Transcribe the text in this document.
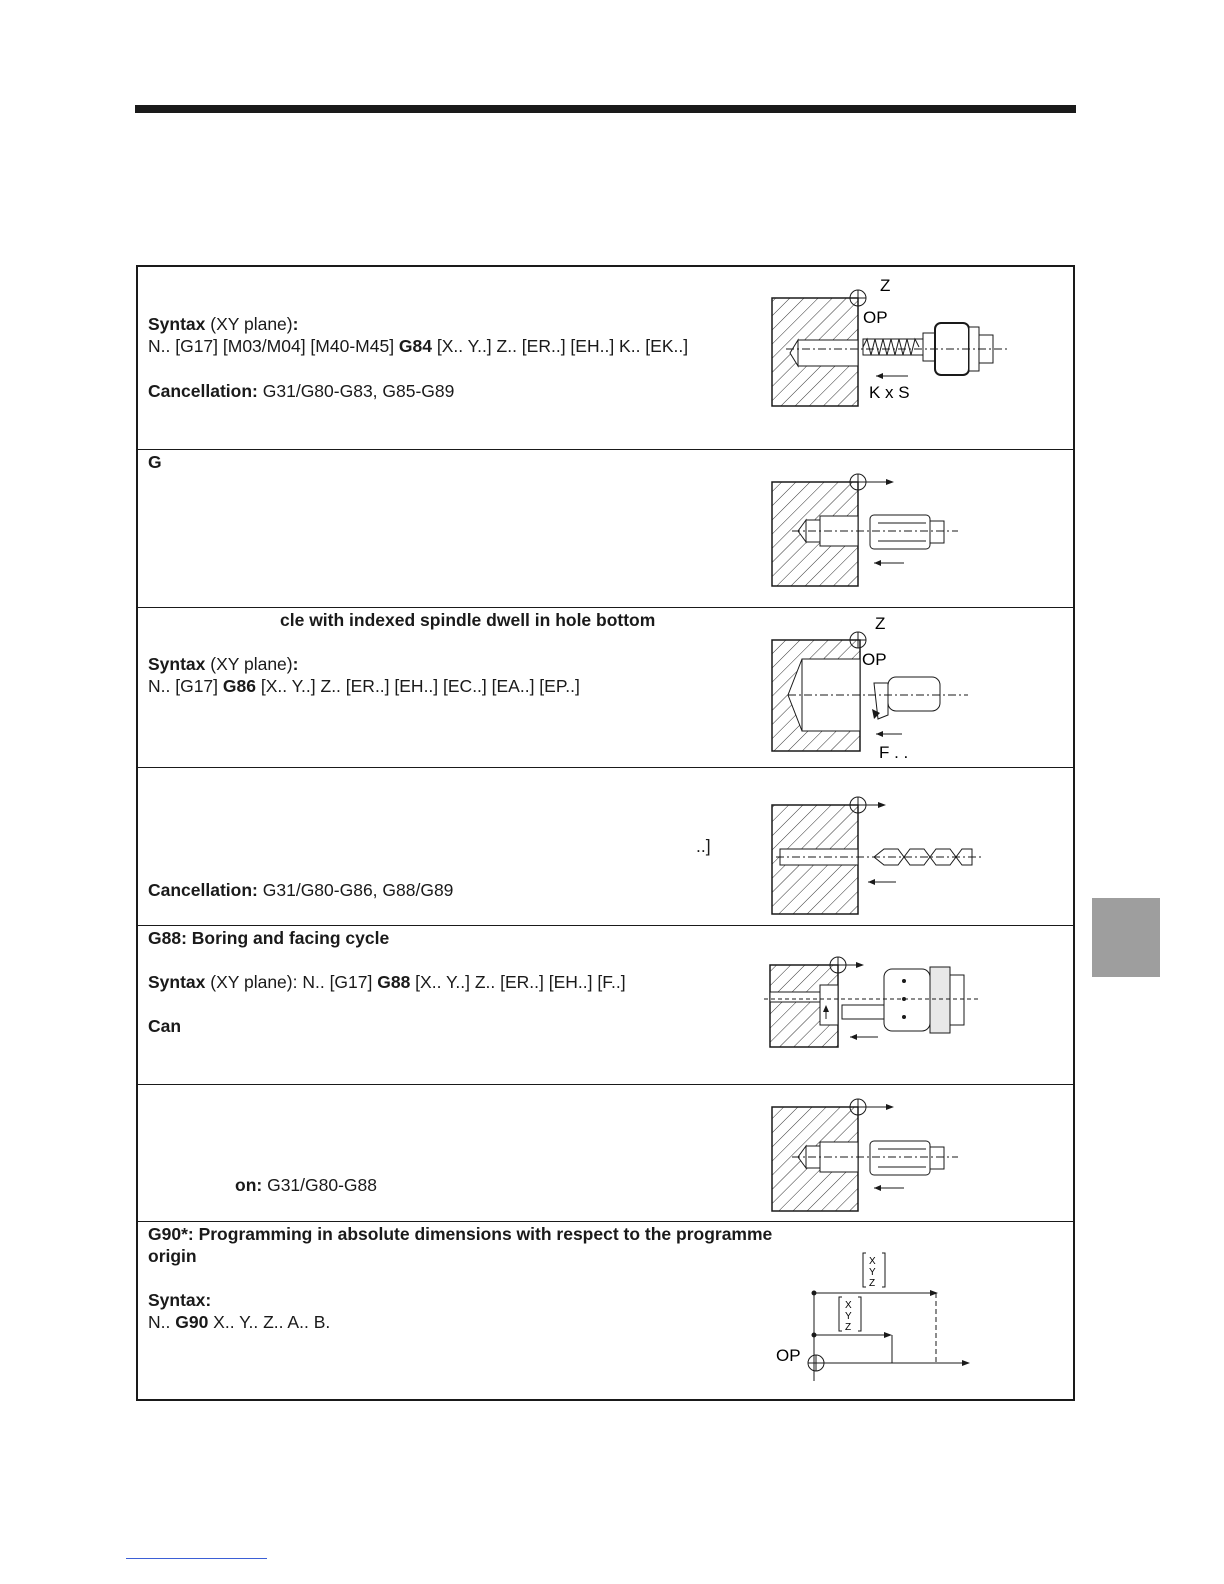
Syntax (XY plane):
N.. [G17] [M03/M04] [M40-M45] G84 [X.. Y..] Z.. [ER..] [EH..] K.. [EK..]
Cancellation: G31/G80-G83, G85-G89
Z
OP
K x S
G
cle with indexed spindle dwell in hole bottom
Syntax (XY plane):
N.. [G17] G86 [X.. Y..] Z.. [ER..] [EH..] [EC..] [EA..] [EP..]
Z
OP
F . .
..]
Cancellation: G31/G80-G86, G88/G89
G88: Boring and facing cycle
Syntax (XY plane): N.. [G17] G88 [X.. Y..] Z.. [ER..] [EH..] [F..]
Can
on: G31/G80-G88
G90*: Programming in absolute dimensions with respect to the programme
origin
Syntax:
N.. G90 X.. Y.. Z.. A.. B.
OP
X
Y
Z
X
Y
Z
